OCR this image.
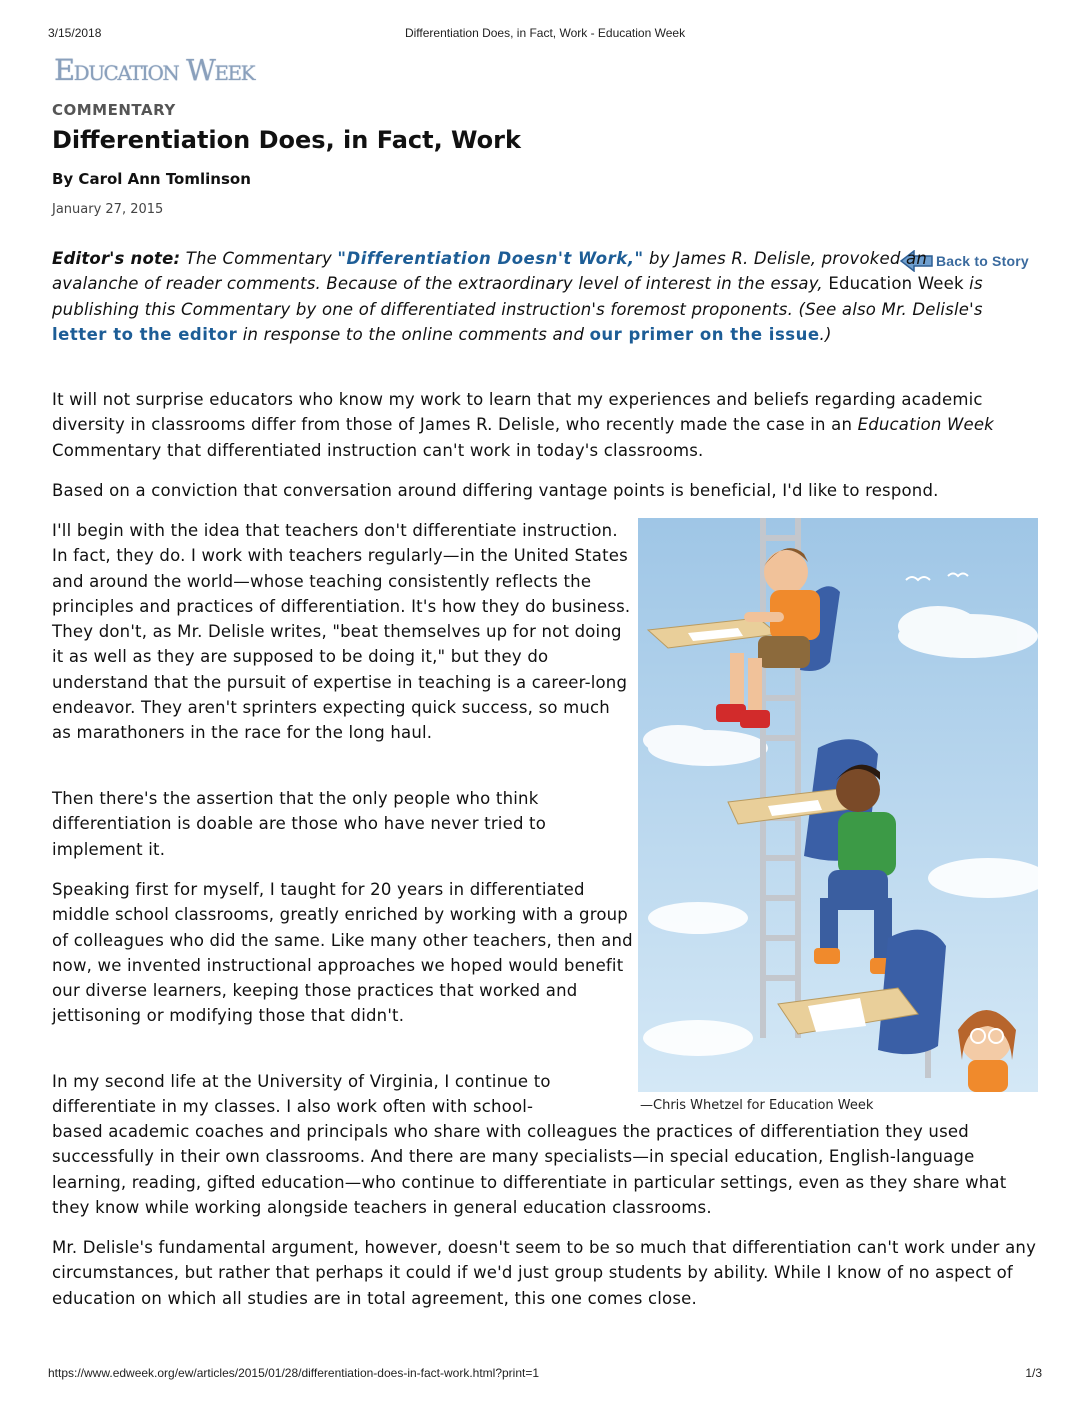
3/15/2018	Differentiation Does, in Fact, Work - Education Week
Education Week
COMMENTARY
Differentiation Does, in Fact, Work
By Carol Ann Tomlinson
January 27, 2015
Back to Story

Editor's note: The Commentary "Differentiation Doesn't Work," by James R. Delisle, provoked an avalanche of reader comments. Because of the extraordinary level of interest in the essay, Education Week is publishing this Commentary by one of differentiated instruction's foremost proponents. (See also Mr. Delisle's letter to the editor in response to the online comments and our primer on the issue.)

It will not surprise educators who know my work to learn that my experiences and beliefs regarding academic diversity in classrooms differ from those of James R. Delisle, who recently made the case in an Education Week Commentary that differentiated instruction can't work in today's classrooms.

Based on a conviction that conversation around differing vantage points is beneficial, I'd like to respond.

I'll begin with the idea that teachers don't differentiate instruction. In fact, they do. I work with teachers regularly—in the United States and around the world—whose teaching consistently reflects the principles and practices of differentiation. It's how they do business. They don't, as Mr. Delisle writes, "beat themselves up for not doing it as well as they are supposed to be doing it," but they do understand that the pursuit of expertise in teaching is a career-long endeavor. They aren't sprinters expecting quick success, so much as marathoners in the race for the long haul.

Then there's the assertion that the only people who think differentiation is doable are those who have never tried to implement it.

Speaking first for myself, I taught for 20 years in differentiated middle school classrooms, greatly enriched by working with a group of colleagues who did the same. Like many other teachers, then and now, we invented instructional approaches we hoped would benefit our diverse learners, keeping those practices that worked and jettisoning or modifying those that didn't.

In my second life at the University of Virginia, I continue to differentiate in my classes. I also work often with school-

based academic coaches and principals who share with colleagues the practices of differentiation they used successfully in their own classrooms. And there are many specialists—in special education, English-language learning, reading, gifted education—who continue to differentiate in particular settings, even as they share what they know while working alongside teachers in general education classrooms.

Mr. Delisle's fundamental argument, however, doesn't seem to be so much that differentiation can't work under any circumstances, but rather that perhaps it could if we'd just group students by ability. While I know of no aspect of education on which all studies are in total agreement, this one comes close.

—Chris Whetzel for Education Week
https://www.edweek.org/ew/articles/2015/01/28/differentiation-does-in-fact-work.html?print=1	1/3
